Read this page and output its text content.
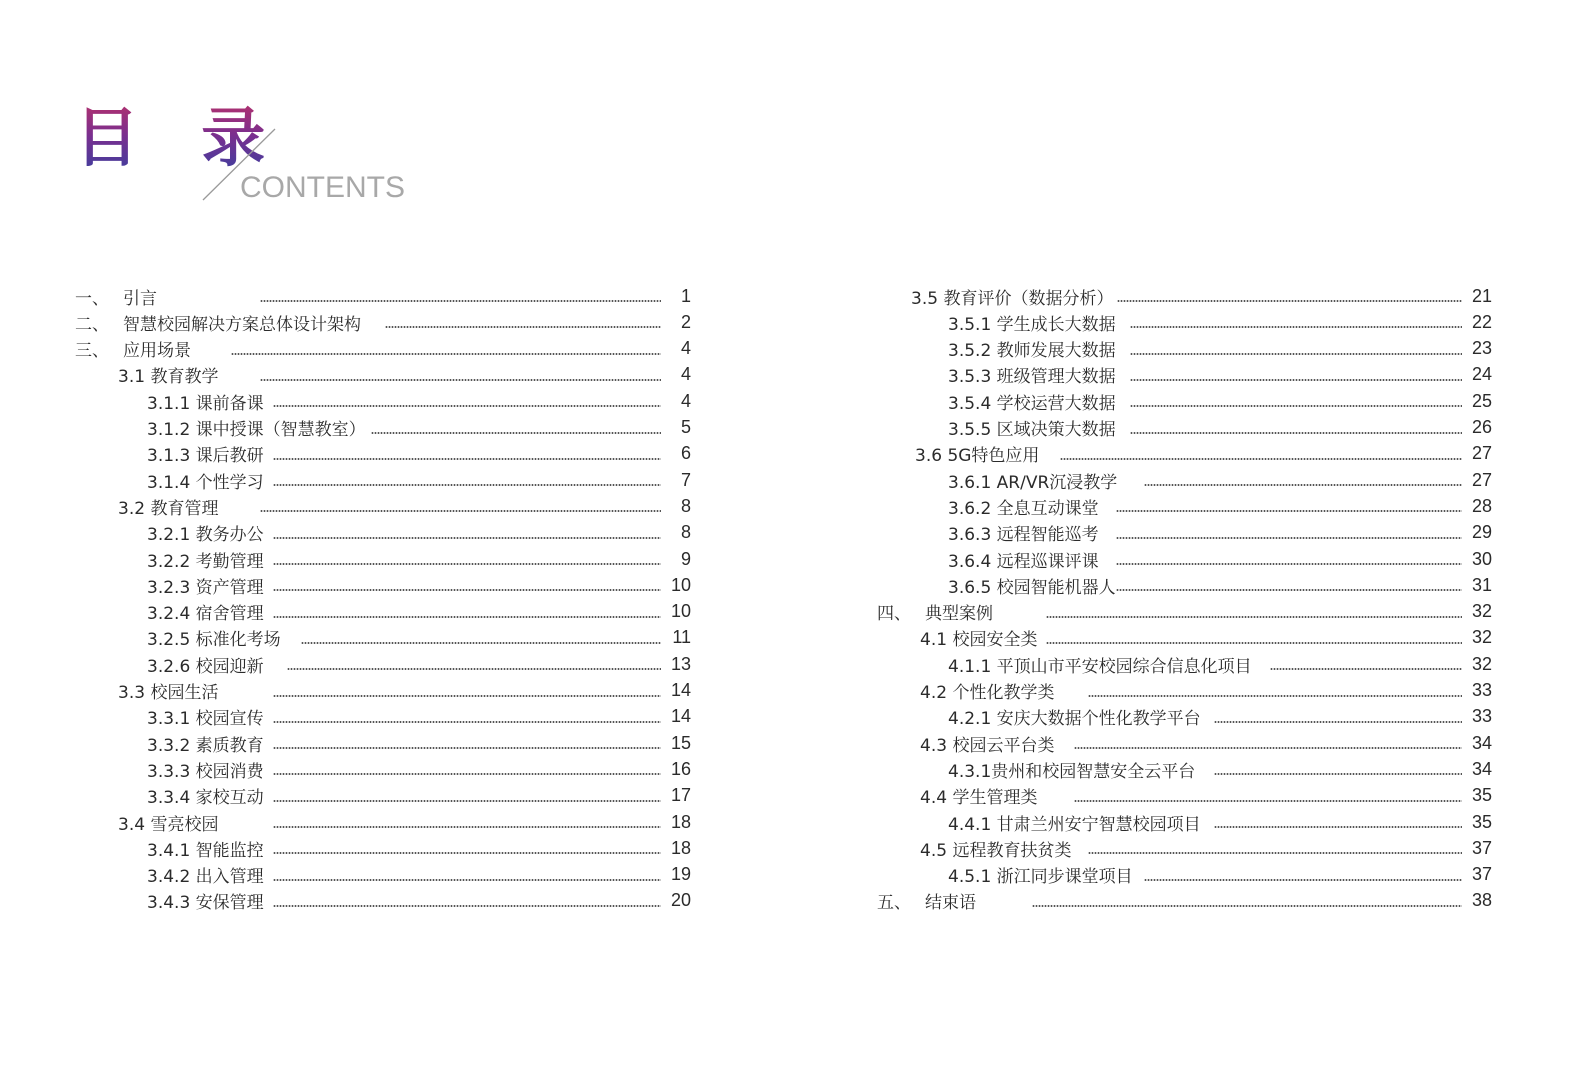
目 录
CONTENTS
一、 引言	1
二、 智慧校园解决方案总体设计架构	2
三、 应用场景	4
3.1 教育教学	4
3.1.1 课前备课	4
3.1.2 课中授课（智慧教室）	5
3.1.3 课后教研	6
3.1.4 个性学习	7
3.2 教育管理	8
3.2.1 教务办公	8
3.2.2 考勤管理	9
3.2.3 资产管理	10
3.2.4 宿舍管理	10
3.2.5 标准化考场	11
3.2.6 校园迎新	13
3.3 校园生活	14
3.3.1 校园宣传	14
3.3.2 素质教育	15
3.3.3 校园消费	16
3.3.4 家校互动	17
3.4 雪亮校园	18
3.4.1 智能监控	18
3.4.2 出入管理	19
3.4.3 安保管理	20
3.5 教育评价（数据分析）	21
3.5.1 学生成长大数据	22
3.5.2 教师发展大数据	23
3.5.3 班级管理大数据	24
3.5.4 学校运营大数据	25
3.5.5 区域决策大数据	26
3.6 5G特色应用	27
3.6.1 AR/VR沉浸教学	27
3.6.2 全息互动课堂	28
3.6.3 远程智能巡考	29
3.6.4 远程巡课评课	30
3.6.5 校园智能机器人	31
四、 典型案例	32
4.1 校园安全类	32
4.1.1 平顶山市平安校园综合信息化项目	32
4.2 个性化教学类	33
4.2.1 安庆大数据个性化教学平台	33
4.3 校园云平台类	34
4.3.1贵州和校园智慧安全云平台	34
4.4 学生管理类	35
4.4.1 甘肃兰州安宁智慧校园项目	35
4.5 远程教育扶贫类	37
4.5.1 浙江同步课堂项目	37
五、 结束语	38
